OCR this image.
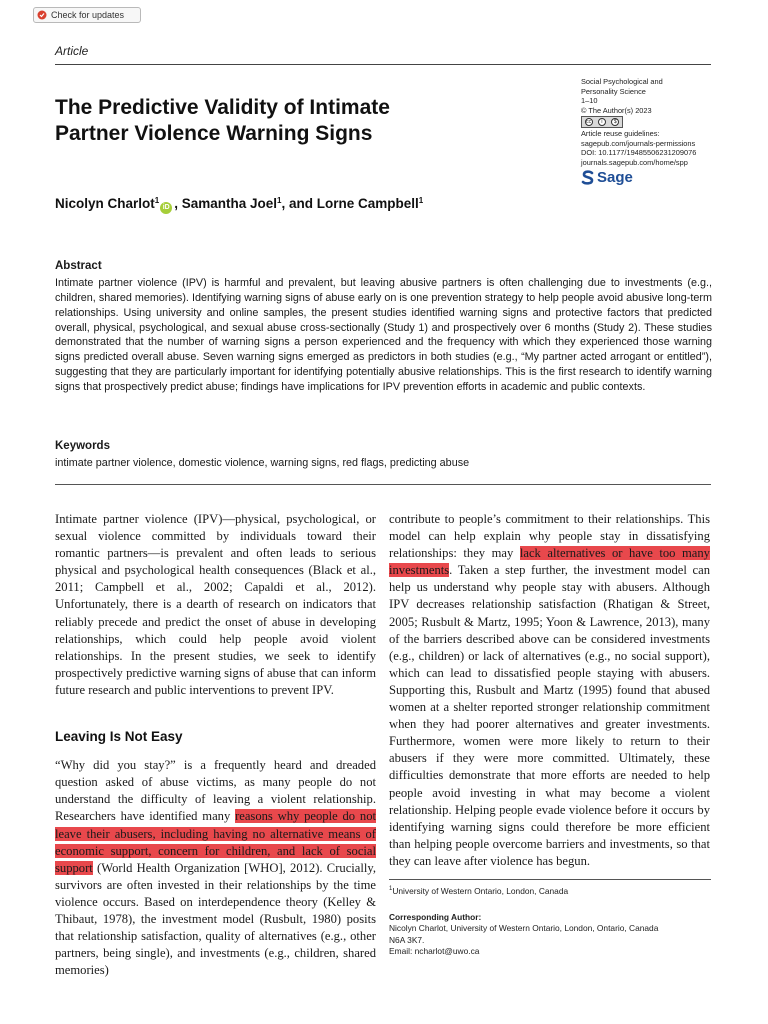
Check for updates
Article
The Predictive Validity of Intimate
Partner Violence Warning Signs
Nicolyn Charlot$^1$iD , Samantha Joel$^1$, and Lorne Campbell$^1$
Social Psychological and
Personality Science
1–10
© The Author(s) 2023
cc	i	$
Article reuse guidelines:
sagepub.com/journals-permissions
DOI: 10.1177/19485506231209076
journals.sagepub.com/home/spp
Sage
Abstract
Intimate partner violence (IPV) is harmful and prevalent, but leaving abusive partners is often challenging due to investments (e.g., children, shared memories). Identifying warning signs of abuse early on is one prevention strategy to help people avoid abusive long-term relationships. Using university and online samples, the present studies identified warning signs and protective factors that predicted overall, physical, psychological, and sexual abuse cross-sectionally (Study 1) and prospectively over 6 months (Study 2). These studies demonstrated that the number of warning signs a person experienced and the frequency with which they experienced those warning signs predicted overall abuse. Seven warning signs emerged as predictors in both studies (e.g., “My partner acted arrogant or entitled”), suggesting that they are particularly important for identifying potentially abusive relationships. This is the first research to identify warning signs that prospectively predict abuse; findings have implications for IPV prevention efforts in academic and public contexts.
Keywords
intimate partner violence, domestic violence, warning signs, red flags, predicting abuse

Intimate partner violence (IPV)—physical, psychological, or sexual violence committed by individuals toward their romantic partners—is prevalent and often leads to serious physical and psychological health consequences (Black et al., 2011; Campbell et al., 2002; Capaldi et al., 2012). Unfortunately, there is a dearth of research on indicators that reliably precede and predict the onset of abuse in developing relationships, which could help people avoid violent relationships. In the present studies, we seek to identify prospectively predictive warning signs of abuse that can inform future research and public interventions to prevent IPV.

Leaving Is Not Easy

“Why did you stay?” is a frequently heard and dreaded question asked of abuse victims, as many people do not understand the difficulty of leaving a violent relationship. Researchers have identified many reasons why people do not leave their abusers, including having no alternative means of economic support, concern for children, and lack of social support (World Health Organization [WHO], 2012). Crucially, survivors are often invested in their relationships by the time violence occurs. Based on interdependence theory (Kelley & Thibaut, 1978), the investment model (Rusbult, 1980) posits that relationship satisfaction, quality of alternatives (e.g., other partners, being single), and investments (e.g., children, shared memories)

contribute to people’s commitment to their relationships. This model can help explain why people stay in dissatisfying relationships: they may lack alternatives or have too many investments. Taken a step further, the investment model can help us understand why people stay with abusers. Although IPV decreases relationship satisfaction (Rhatigan & Street, 2005; Rusbult & Martz, 1995; Yoon & Lawrence, 2013), many of the barriers described above can be considered investments (e.g., children) or lack of alternatives (e.g., no social support), which can lead to dissatisfied people staying with abusers. Supporting this, Rusbult and Martz (1995) found that abused women at a shelter reported stronger relationship commitment when they had poorer alternatives and greater investments. Furthermore, women were more likely to return to their abusers if they were more committed. Ultimately, these difficulties demonstrate that more efforts are needed to help people avoid investing in what may become a violent relationship. Helping people evade violence before it occurs by identifying warning signs could therefore be more efficient than helping people overcome barriers and investments, so that they can leave after violence has begun.

$^1$University of Western Ontario, London, Canada
Corresponding Author:
Nicolyn Charlot, University of Western Ontario, London, Ontario, Canada
N6A 3K7.
Email: ncharlot@uwo.ca
